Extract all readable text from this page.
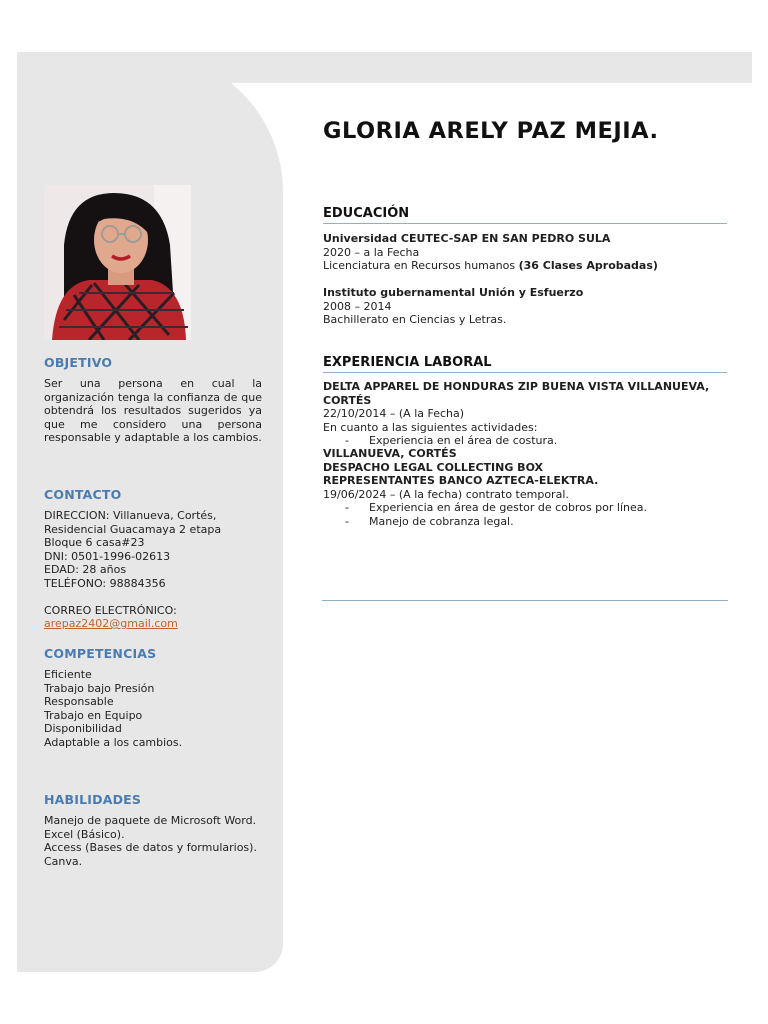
OBJETIVO
Ser una persona en cual la organización tenga la confianza de que obtendrá los resultados sugeridos ya que me considero una persona responsable y adaptable a los cambios.
CONTACTO
DIRECCION: Villanueva, Cortés,
Residencial Guacamaya 2 etapa
Bloque 6 casa#23
DNI: 0501-1996-02613
EDAD: 28 años
TELÉFONO: 98884356
CORREO ELECTRÓNICO:
arepaz2402@gmail.com
COMPETENCIAS
Eficiente
Trabajo bajo Presión
Responsable
Trabajo en Equipo
Disponibilidad
Adaptable a los cambios.
HABILIDADES
Manejo de paquete de Microsoft Word.
Excel (Básico).
Access (Bases de datos y formularios).
Canva.
GLORIA ARELY PAZ MEJIA.
EDUCACIÓN
Universidad CEUTEC-SAP EN SAN PEDRO SULA
2020 – a la Fecha
Licenciatura en Recursos humanos (36 Clases Aprobadas)
Instituto gubernamental Unión y Esfuerzo
2008 – 2014
Bachillerato en Ciencias y Letras.
EXPERIENCIA LABORAL
DELTA APPAREL DE HONDURAS ZIP BUENA VISTA VILLANUEVA, CORTÉS
22/10/2014 – (A la Fecha)
En cuanto a las siguientes actividades:
- Experiencia en el área de costura.
VILLANUEVA, CORTÉS
DESPACHO LEGAL COLLECTING BOX
REPRESENTANTES BANCO AZTECA-ELEKTRA.
19/06/2024 – (A la fecha) contrato temporal.
- Experiencia en área de gestor de cobros por línea.
- Manejo de cobranza legal.
